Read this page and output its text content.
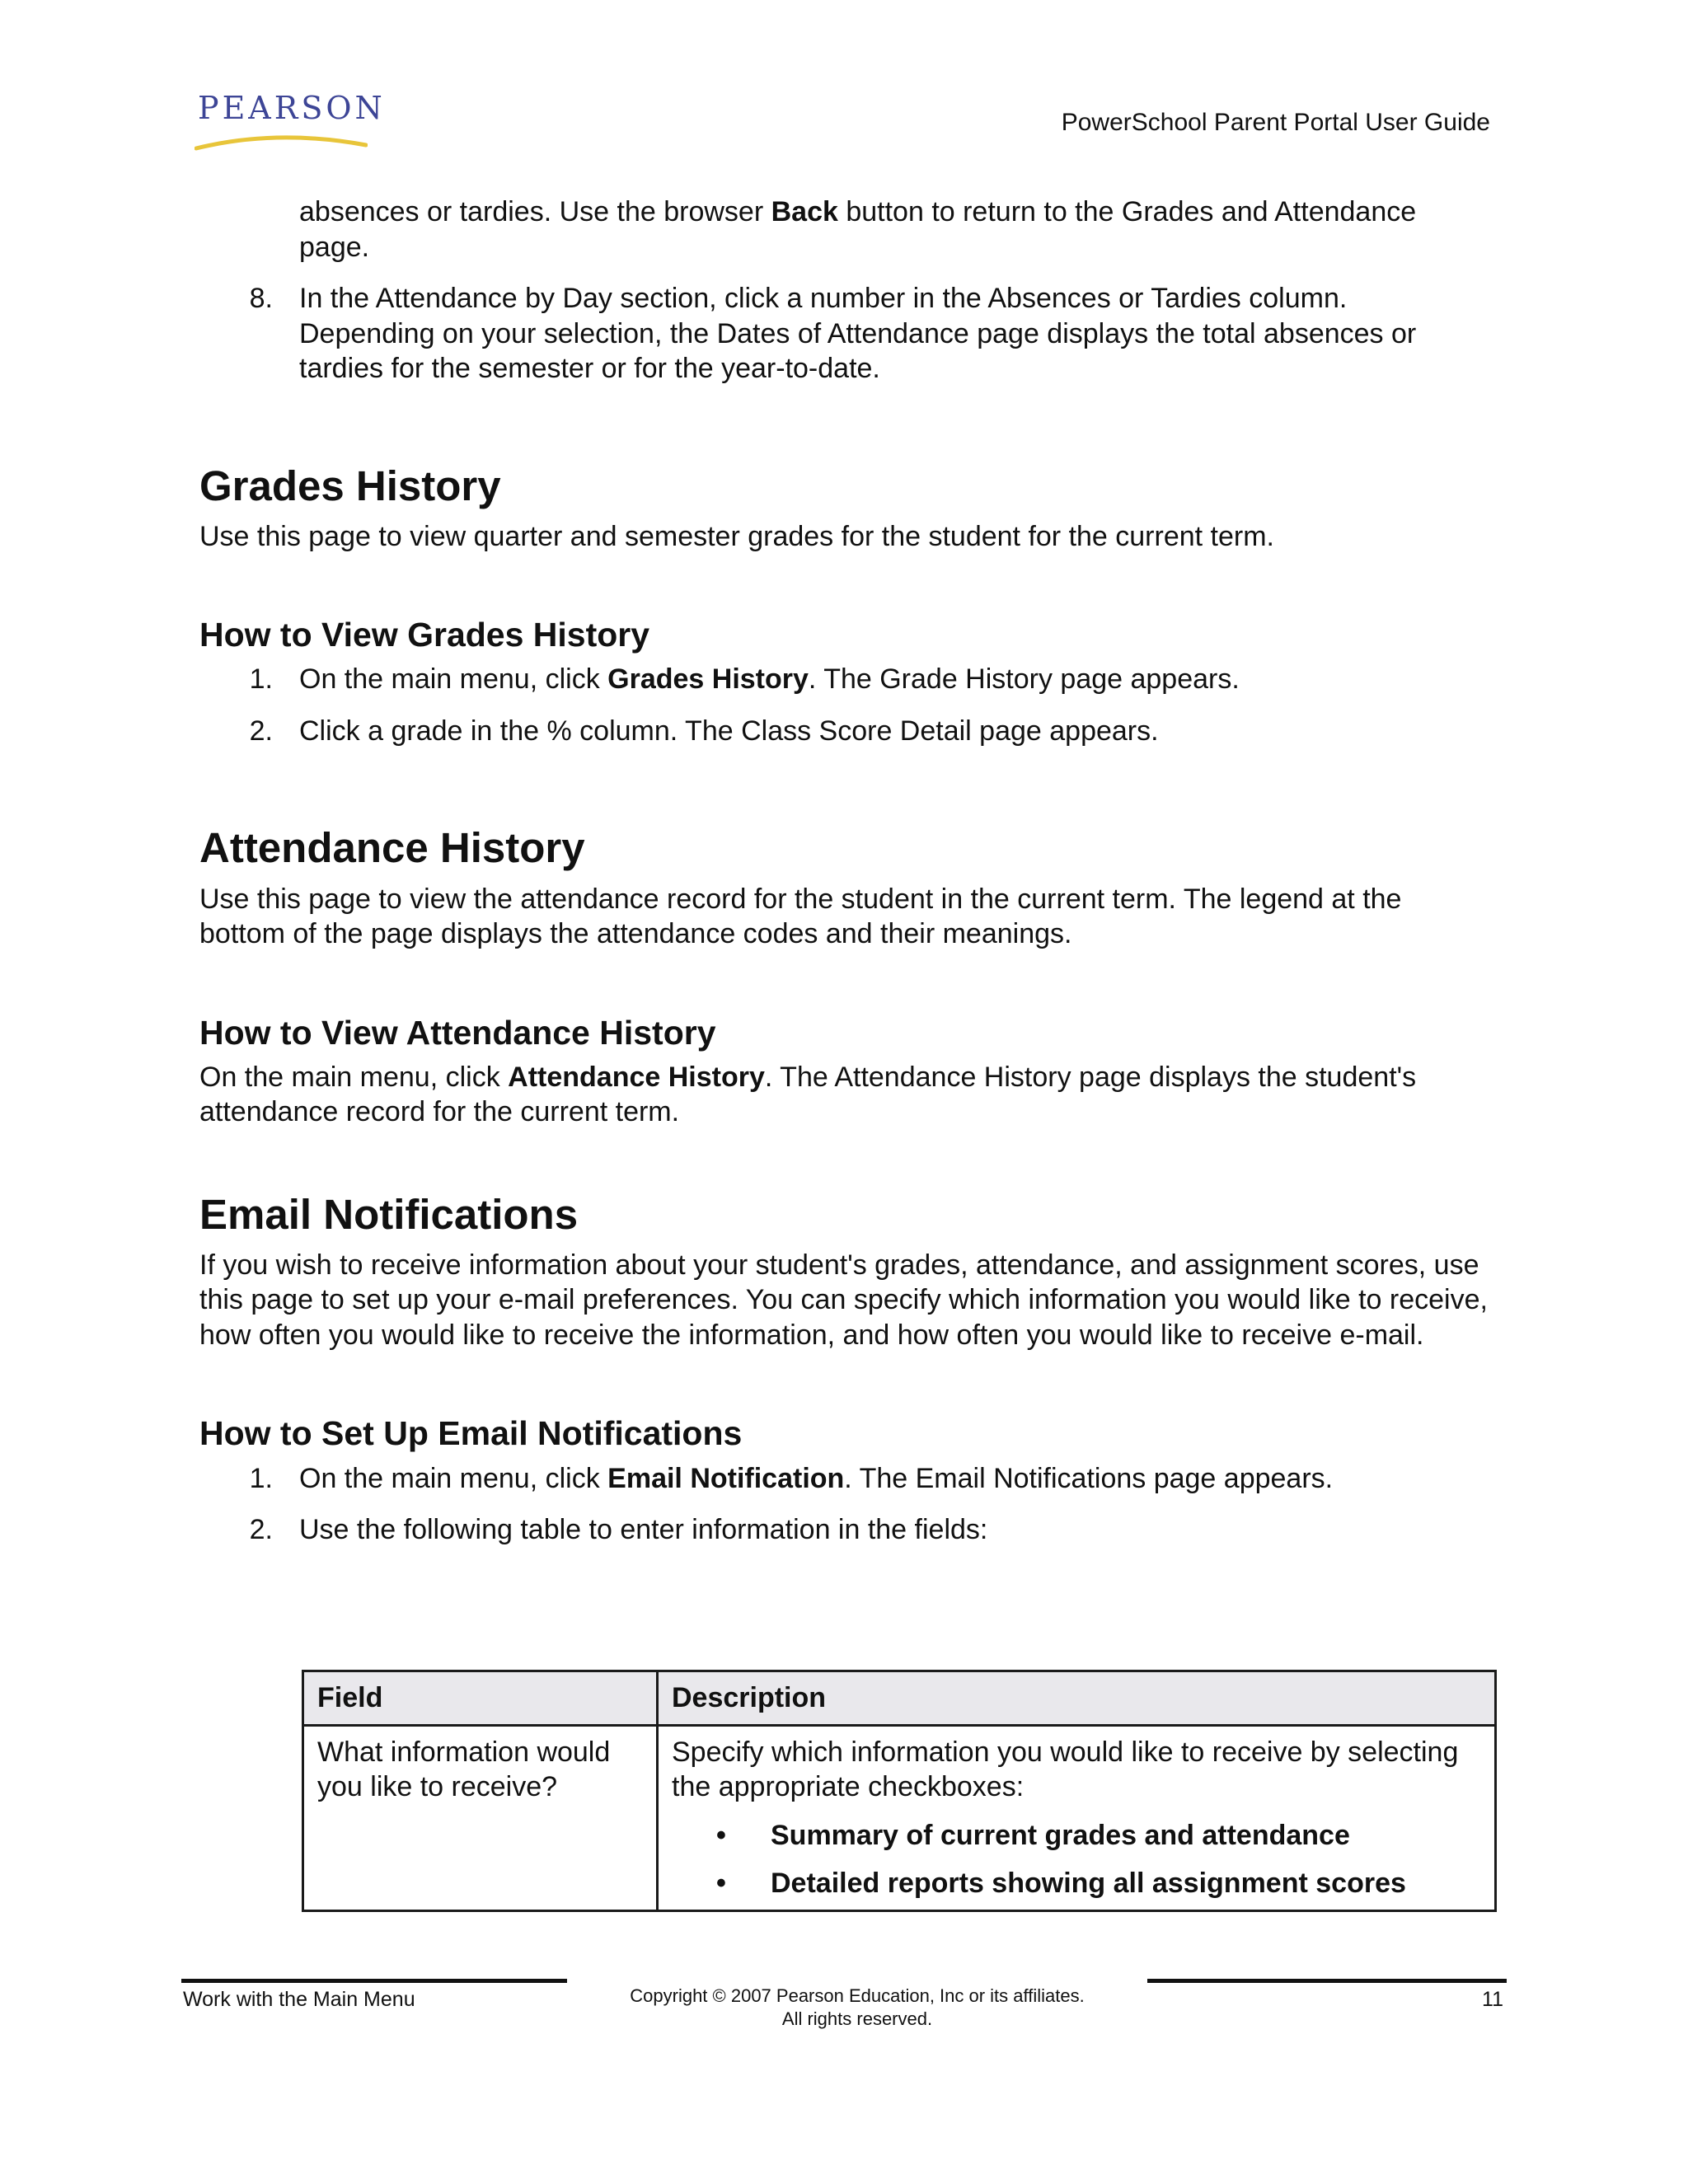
PEARSON	PowerSchool Parent Portal User Guide

absences or tardies. Use the browser Back button to return to the Grades and Attendance page.

8. In the Attendance by Day section, click a number in the Absences or Tardies column. Depending on your selection, the Dates of Attendance page displays the total absences or tardies for the semester or for the year-to-date.
Grades History

Use this page to view quarter and semester grades for the student for the current term.

How to View Grades History
1. On the main menu, click Grades History. The Grade History page appears.
2. Click a grade in the % column. The Class Score Detail page appears.
Attendance History

Use this page to view the attendance record for the student in the current term. The legend at the bottom of the page displays the attendance codes and their meanings.

How to View Attendance History

On the main menu, click Attendance History. The Attendance History page displays the student's attendance record for the current term.

Email Notifications

If you wish to receive information about your student's grades, attendance, and assignment scores, use this page to set up your e-mail preferences. You can specify which information you would like to receive, how often you would like to receive the information, and how often you would like to receive e-mail.

How to Set Up Email Notifications
1. On the main menu, click Email Notification. The Email Notifications page appears.
2. Use the following table to enter information in the fields:
Field	Description
What information would you like to receive?	Specify which information you would like to receive by selecting the appropriate checkboxes:
• Summary of current grades and attendance
• Detailed reports showing all assignment scores
Work with the Main Menu	Copyright © 2007 Pearson Education, Inc or its affiliates.
All rights reserved.
11
